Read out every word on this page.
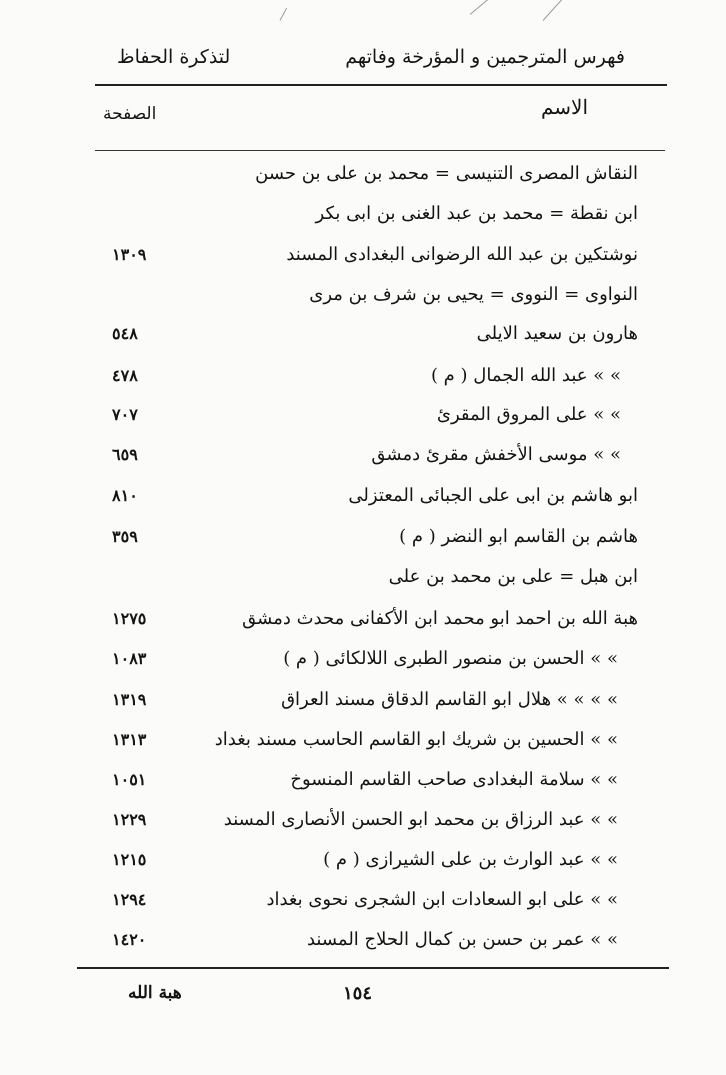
فهرس المترجمين و المؤرخة وفاتهم
لتذكرة الحفاظ
الاسم
الصفحة
النقاش المصرى التنيسى = محمد بن على بن حسن
ابن نقطة = محمد بن عبد الغنى بن ابى بكر
نوشتكين بن عبد الله الرضوانى البغدادى المسند
١٣٠٩
النواوى = النووى = يحيى بن شرف بن مرى
هارون بن سعيد الايلى
٥٤٨
» » عبد الله الجمال ( م )
٤٧٨
» » على المروق المقرئ
٧٠٧
» » موسى الأخفش مقرئ دمشق
٦٥٩
ابو هاشم بن ابى على الجبائى المعتزلى
٨١٠
هاشم بن القاسم ابو النضر ( م )
٣٥٩
ابن هبل = على بن محمد بن على
هبة الله بن احمد ابو محمد ابن الأكفانى محدث دمشق
١٢٧٥
» » الحسن بن منصور الطبرى اللالكائى ( م )
١٠٨٣
» » » » هلال ابو القاسم الدقاق مسند العراق
١٣١٩
» » الحسين بن شريك ابو القاسم الحاسب مسند بغداد
١٣١٣
» » سلامة البغدادى صاحب القاسم المنسوخ
١٠٥١
» » عبد الرزاق بن محمد ابو الحسن الأنصارى المسند
١٢٢٩
» » عبد الوارث بن على الشيرازى ( م )
١٢١٥
» » على ابو السعادات ابن الشجرى نحوى بغداد
١٢٩٤
» » عمر بن حسن بن كمال الحلاج المسند
١٤٢٠
١٥٤
هبة الله
